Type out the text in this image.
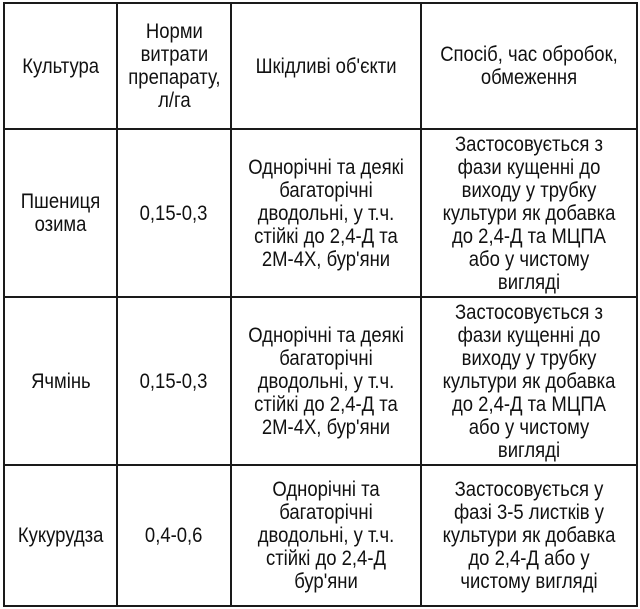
Культура	Норми витрати препарату, л/га	Шкідливі об'єкти	Спосіб, час обробок, обмеження
Пшениця озима	0,15-0,3	Однорічні та деякі багаторічні дводольні, у т.ч. стійкі до 2,4-Д та 2М-4Х, бур'яни	Застосовується з фази кущенні до виходу у трубку культури як добавка до 2,4-Д та МЦПА або у чистому вигляді
Ячмінь	0,15-0,3	Однорічні та деякі багаторічні дводольні, у т.ч. стійкі до 2,4-Д та 2М-4Х, бур'яни	Застосовується з фази кущенні до виходу у трубку культури як добавка до 2,4-Д та МЦПА або у чистому вигляді
Кукурудза	0,4-0,6	Однорічні та багаторічні дводольні, у т.ч. стійкі до 2,4-Д бур'яни	Застосовується у фазі 3-5 листків у культури як добавка до 2,4-Д або у чистому вигляді
